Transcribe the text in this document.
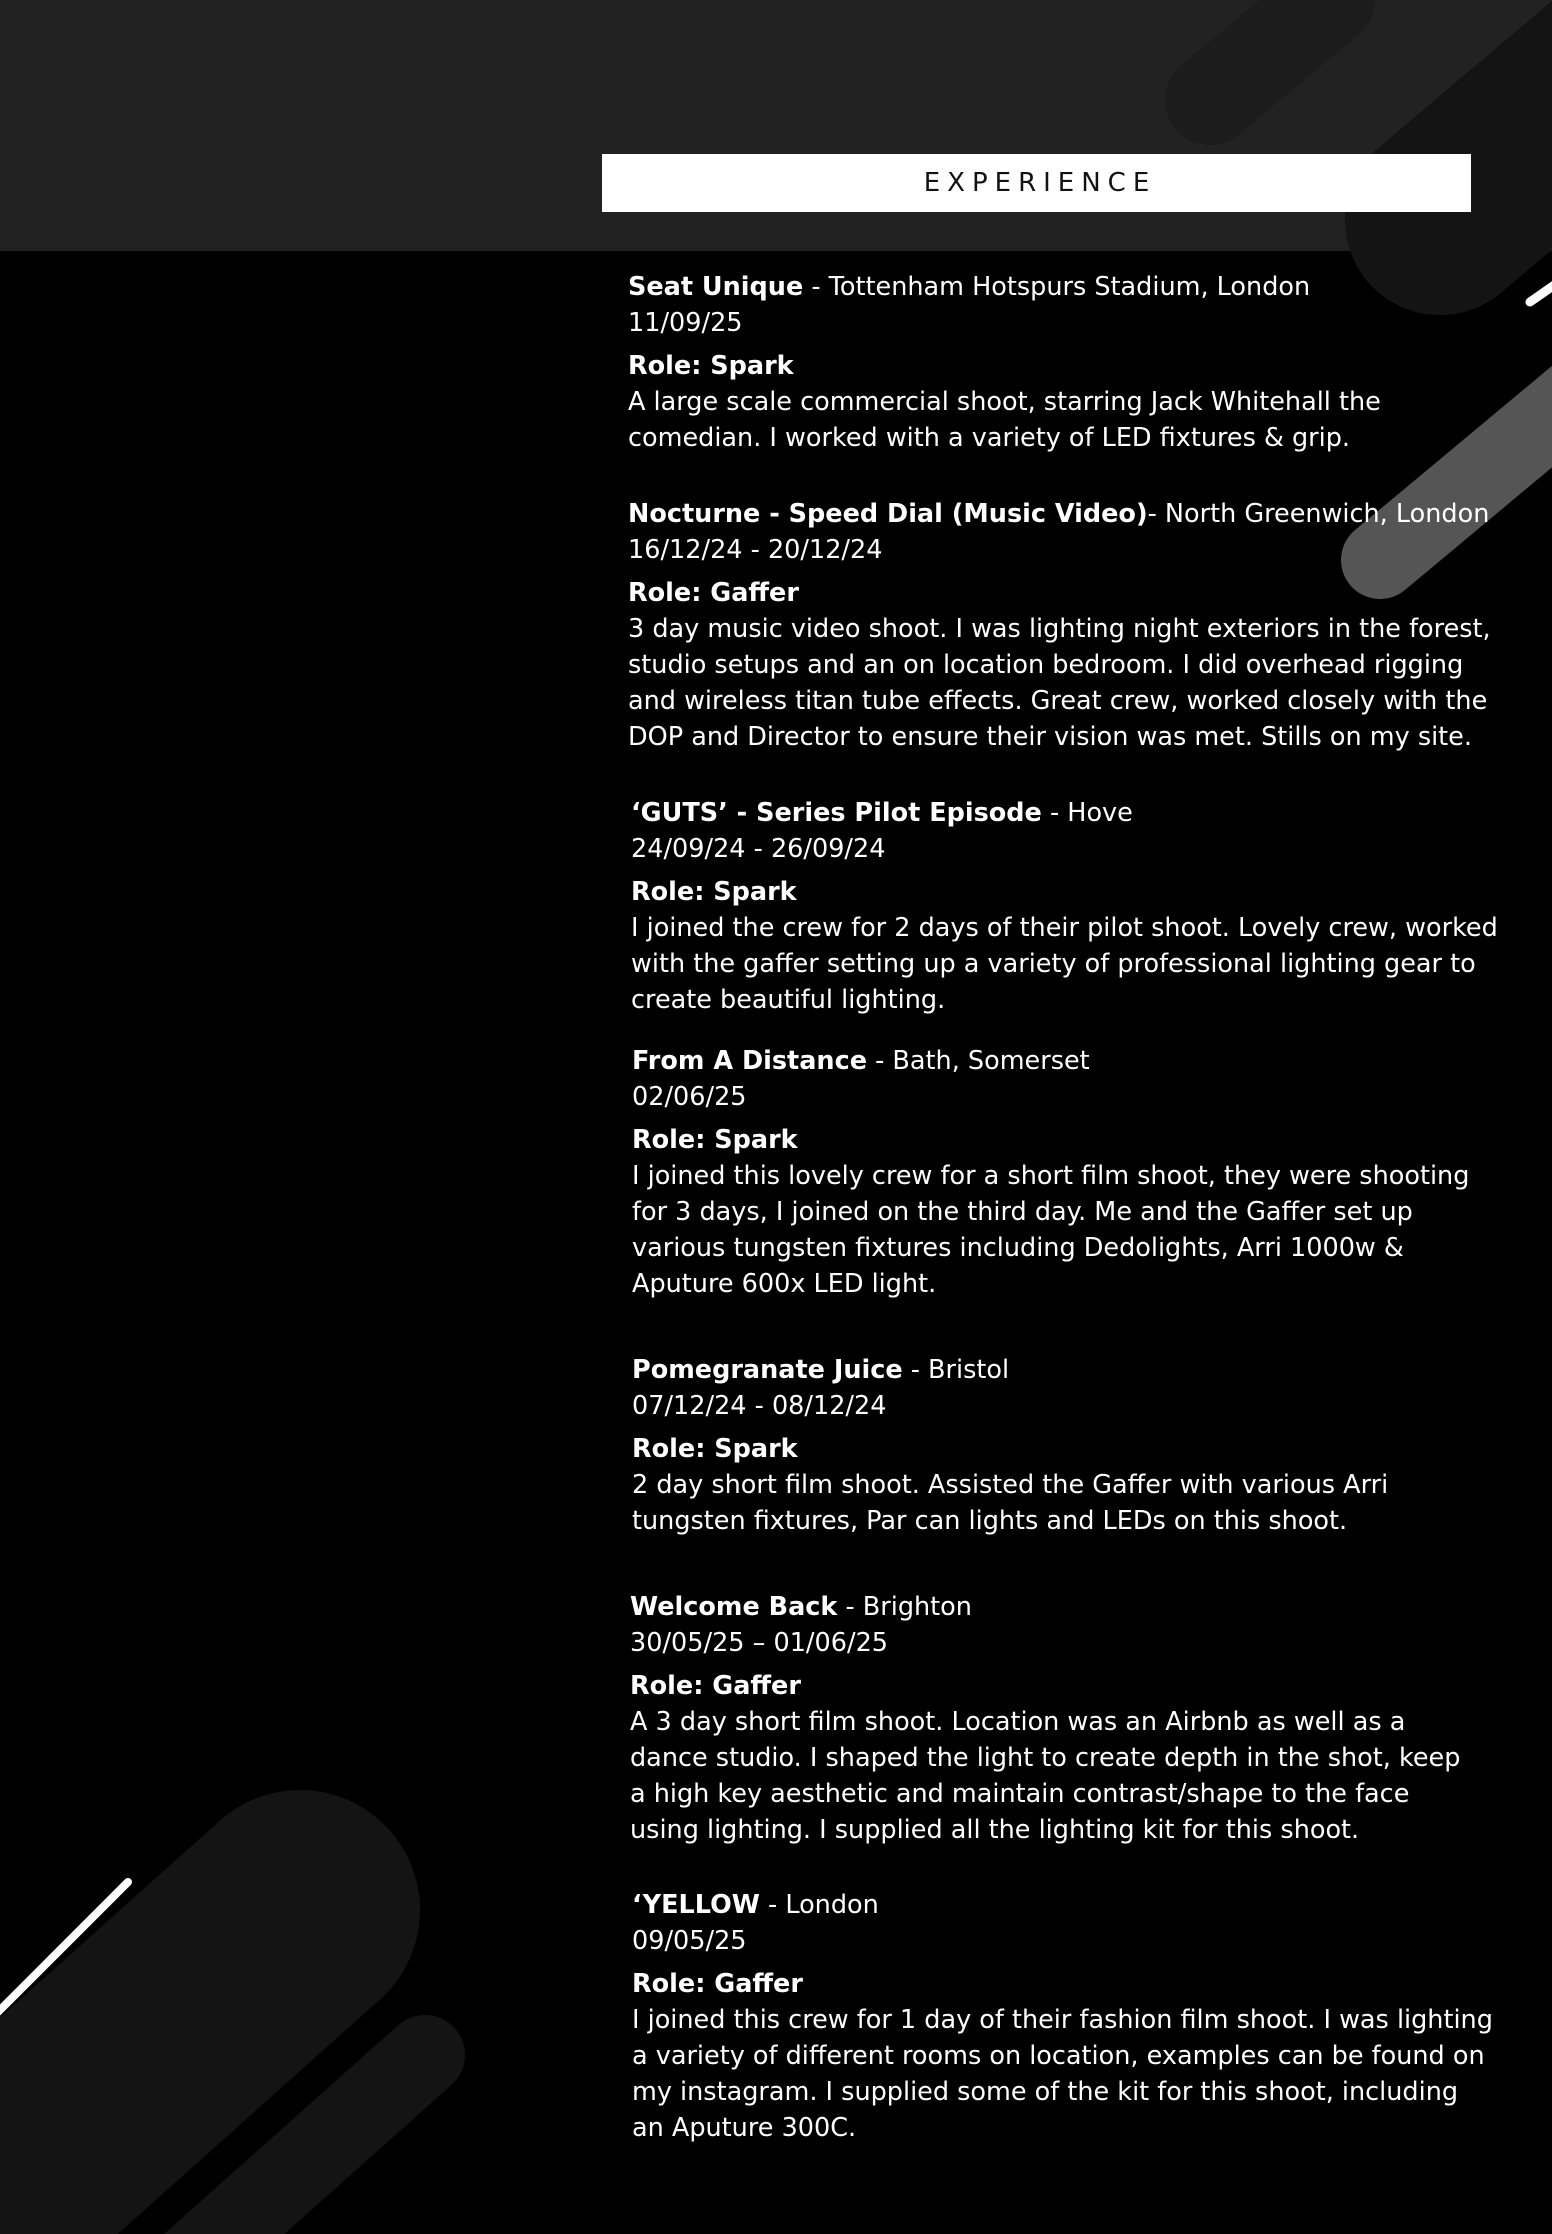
EXPERIENCE
Seat Unique - Tottenham Hotspurs Stadium, London
11/09/25
Role: Spark
A large scale commercial shoot, starring Jack Whitehall the
comedian. I worked with a variety of LED fixtures & grip.
Nocturne - Speed Dial (Music Video)- North Greenwich, London
16/12/24 - 20/12/24
Role: Gaffer
3 day music video shoot. I was lighting night exteriors in the forest,
studio setups and an on location bedroom. I did overhead rigging
and wireless titan tube effects. Great crew, worked closely with the
DOP and Director to ensure their vision was met. Stills on my site.
‘GUTS’ - Series Pilot Episode - Hove
24/09/24 - 26/09/24
Role: Spark
I joined the crew for 2 days of their pilot shoot. Lovely crew, worked
with the gaffer setting up a variety of professional lighting gear to
create beautiful lighting.
From A Distance - Bath, Somerset
02/06/25
Role: Spark
I joined this lovely crew for a short film shoot, they were shooting
for 3 days, I joined on the third day. Me and the Gaffer set up
various tungsten fixtures including Dedolights, Arri 1000w &
Aputure 600x LED light.
Pomegranate Juice - Bristol
07/12/24 - 08/12/24
Role: Spark
2 day short film shoot. Assisted the Gaffer with various Arri
tungsten fixtures, Par can lights and LEDs on this shoot.
Welcome Back - Brighton
30/05/25 – 01/06/25
Role: Gaffer
A 3 day short film shoot. Location was an Airbnb as well as a
dance studio. I shaped the light to create depth in the shot, keep
a high key aesthetic and maintain contrast/shape to the face
using lighting. I supplied all the lighting kit for this shoot.
‘YELLOW - London
09/05/25
Role: Gaffer
I joined this crew for 1 day of their fashion film shoot. I was lighting
a variety of different rooms on location, examples can be found on
my instagram. I supplied some of the kit for this shoot, including
an Aputure 300C.
